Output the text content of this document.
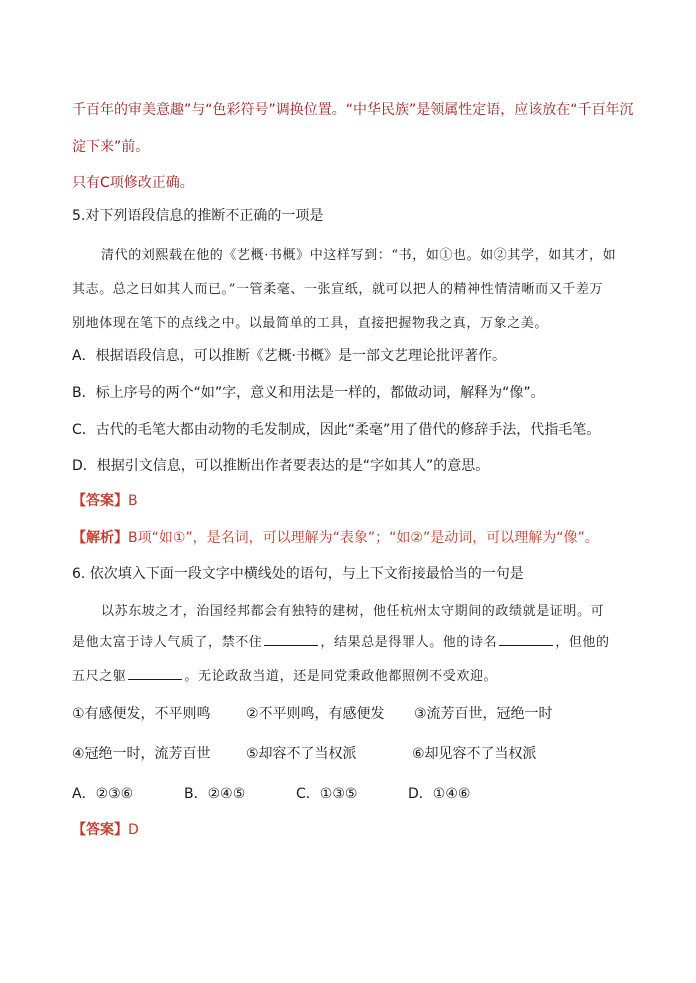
千百年的审美意趣”与“色彩符号”调换位置。“中华民族”是领属性定语，应该放在“千百年沉
淀下来”前。
只有C项修改正确。
5.对下列语段信息的推断不正确的一项是
清代的刘熙载在他的《艺概·书概》中这样写到：“书，如①也。如②其学，如其才，如
其志。总之曰如其人而已。”一管柔毫、一张宣纸，就可以把人的精神性情清晰而又千差万
别地体现在笔下的点线之中。以最简单的工具，直接把握物我之真，万象之美。
A．根据语段信息，可以推断《艺概·书概》是一部文艺理论批评著作。
B．标上序号的两个“如”字，意义和用法是一样的，都做动词，解释为“像”。
C．古代的毛笔大都由动物的毛发制成，因此“柔毫”用了借代的修辞手法，代指毛笔。
D．根据引文信息，可以推断出作者要表达的是“字如其人”的意思。
【答案】B
【解析】B项“如①”，是名词，可以理解为“表象”；“如②”是动词，可以理解为“像”。
6. 依次填入下面一段文字中横线处的语句，与上下文衔接最恰当的一句是
以苏东坡之才，治国经邦都会有独特的建树，他任杭州太守期间的政绩就是证明。可
是他太富于诗人气质了，禁不住	，结果总是得罪人。他的诗名	，但他的
五尺之躯	。无论政敌当道，还是同党秉政他都照例不受欢迎。
①有感便发，不平则鸣	②不平则鸣，有感便发 ③流芳百世，冠绝一时
④冠绝一时，流芳百世	⑤却容不了当权派	⑥却见容不了当权派
A．②③⑥	B．②④⑤	C．①③⑤	D．①④⑥
【答案】D
